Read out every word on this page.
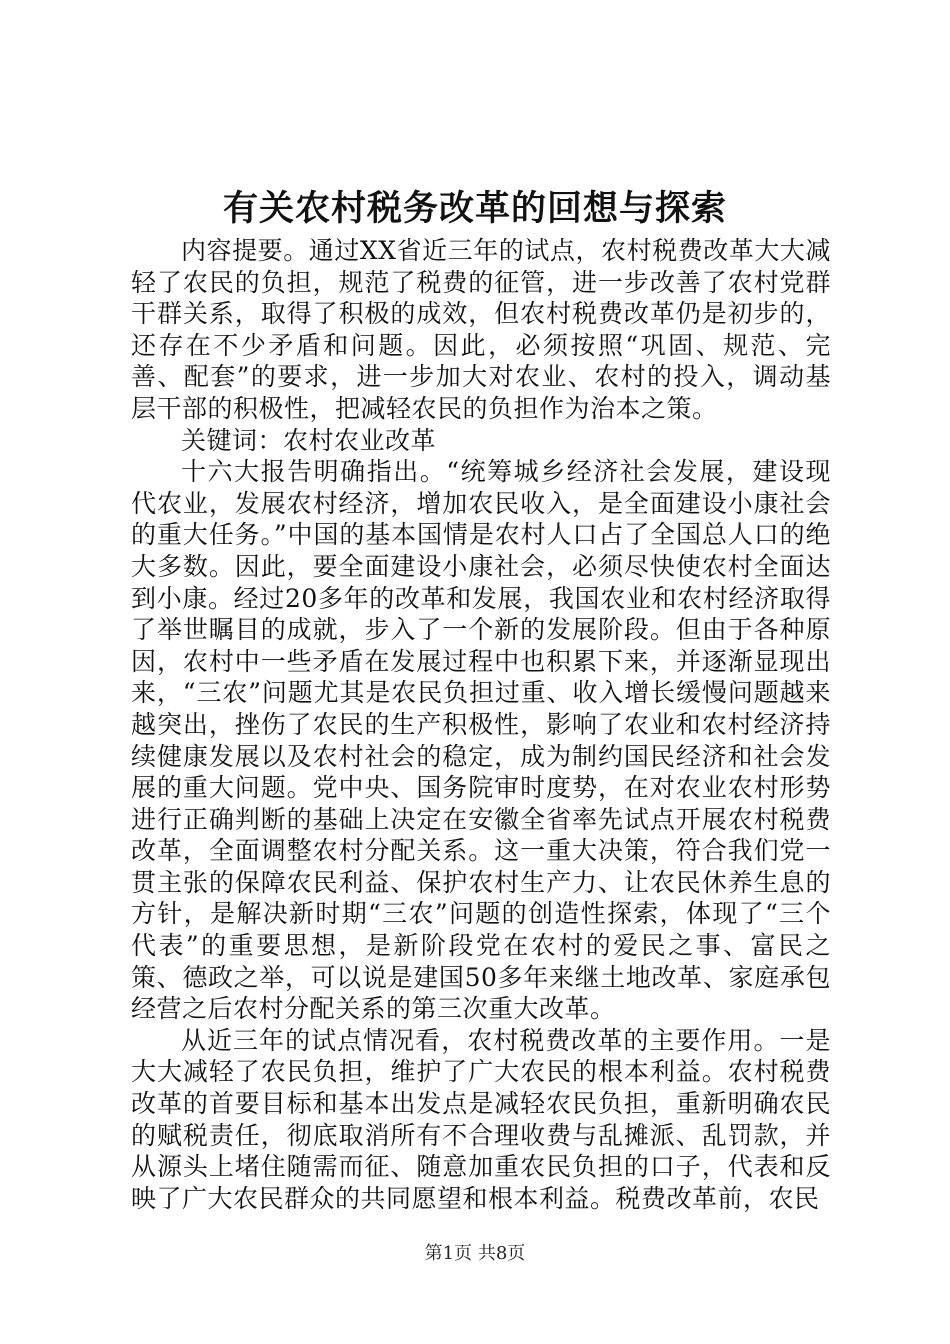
有关农村税务改革的回想与探索

内容提要。通过XX省近三年的试点，农村税费改革大大减轻了农民的负担，规范了税费的征管，进一步改善了农村党群干群关系，取得了积极的成效，但农村税费改革仍是初步的，还存在不少矛盾和问题。因此，必须按照“巩固、规范、完善、配套”的要求，进一步加大对农业、农村的投入，调动基层干部的积极性，把减轻农民的负担作为治本之策。

关键词：农村农业改革

十六大报告明确指出。“统筹城乡经济社会发展，建设现代农业，发展农村经济，增加农民收入，是全面建设小康社会的重大任务。”中国的基本国情是农村人口占了全国总人口的绝大多数。因此，要全面建设小康社会，必须尽快使农村全面达到小康。经过20多年的改革和发展，我国农业和农村经济取得了举世瞩目的成就，步入了一个新的发展阶段。但由于各种原因，农村中一些矛盾在发展过程中也积累下来，并逐渐显现出来，“三农”问题尤其是农民负担过重、收入增长缓慢问题越来越突出，挫伤了农民的生产积极性，影响了农业和农村经济持续健康发展以及农村社会的稳定，成为制约国民经济和社会发展的重大问题。党中央、国务院审时度势，在对农业农村形势进行正确判断的基础上决定在安徽全省率先试点开展农村税费改革，全面调整农村分配关系。这一重大决策，符合我们党一贯主张的保障农民利益、保护农村生产力、让农民休养生息的方针，是解决新时期“三农”问题的创造性探索，体现了“三个代表”的重要思想，是新阶段党在农村的爱民之事、富民之策、德政之举，可以说是建国50多年来继土地改革、家庭承包经营之后农村分配关系的第三次重大改革。

从近三年的试点情况看，农村税费改革的主要作用。一是大大减轻了农民负担，维护了广大农民的根本利益。农村税费改革的首要目标和基本出发点是减轻农民负担，重新明确农民的赋税责任，彻底取消所有不合理收费与乱摊派、乱罚款，并从源头上堵住随需而征、随意加重农民负担的口子，代表和反映了广大农民群众的共同愿望和根本利益。税费改革前，农民

第1页 共8页
